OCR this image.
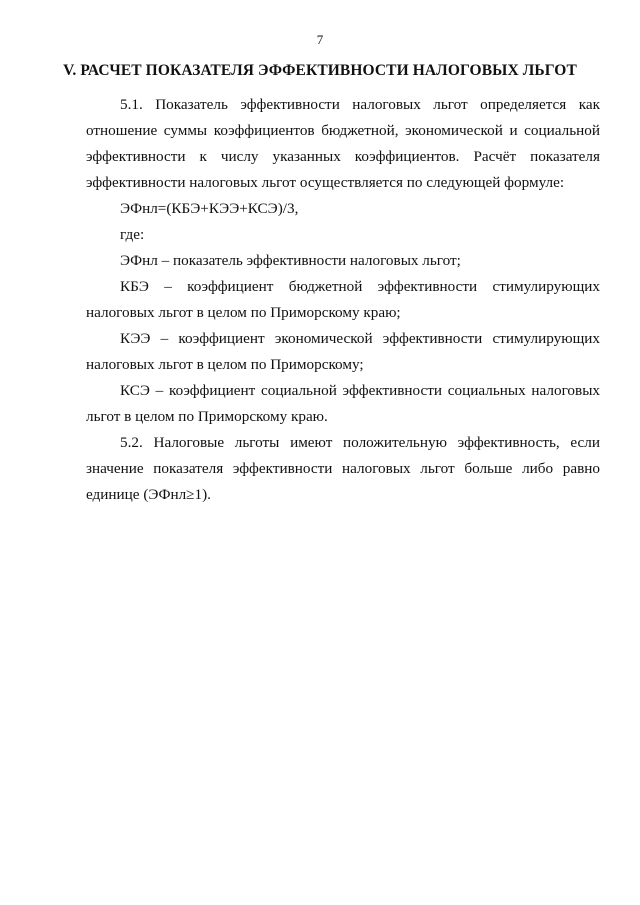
7
V. РАСЧЕТ ПОКАЗАТЕЛЯ ЭФФЕКТИВНОСТИ НАЛОГОВЫХ ЛЬГОТ

5.1. Показатель эффективности налоговых льгот определяется как отношение суммы коэффициентов бюджетной, экономической и социальной эффективности к числу указанных коэффициентов. Расчёт показателя эффективности налоговых льгот осуществляется по следующей формуле:

ЭФнл=(КБЭ+КЭЭ+КСЭ)/3,

где:

ЭФнл – показатель эффективности налоговых льгот;

КБЭ – коэффициент бюджетной эффективности стимулирующих налоговых льгот в целом по Приморскому краю;

КЭЭ – коэффициент экономической эффективности стимулирующих налоговых льгот в целом по Приморскому;

КСЭ – коэффициент социальной эффективности социальных налоговых льгот в целом по Приморскому краю.

5.2. Налоговые льготы имеют положительную эффективность, если значение показателя эффективности налоговых льгот больше либо равно единице (ЭФнл≥1).
